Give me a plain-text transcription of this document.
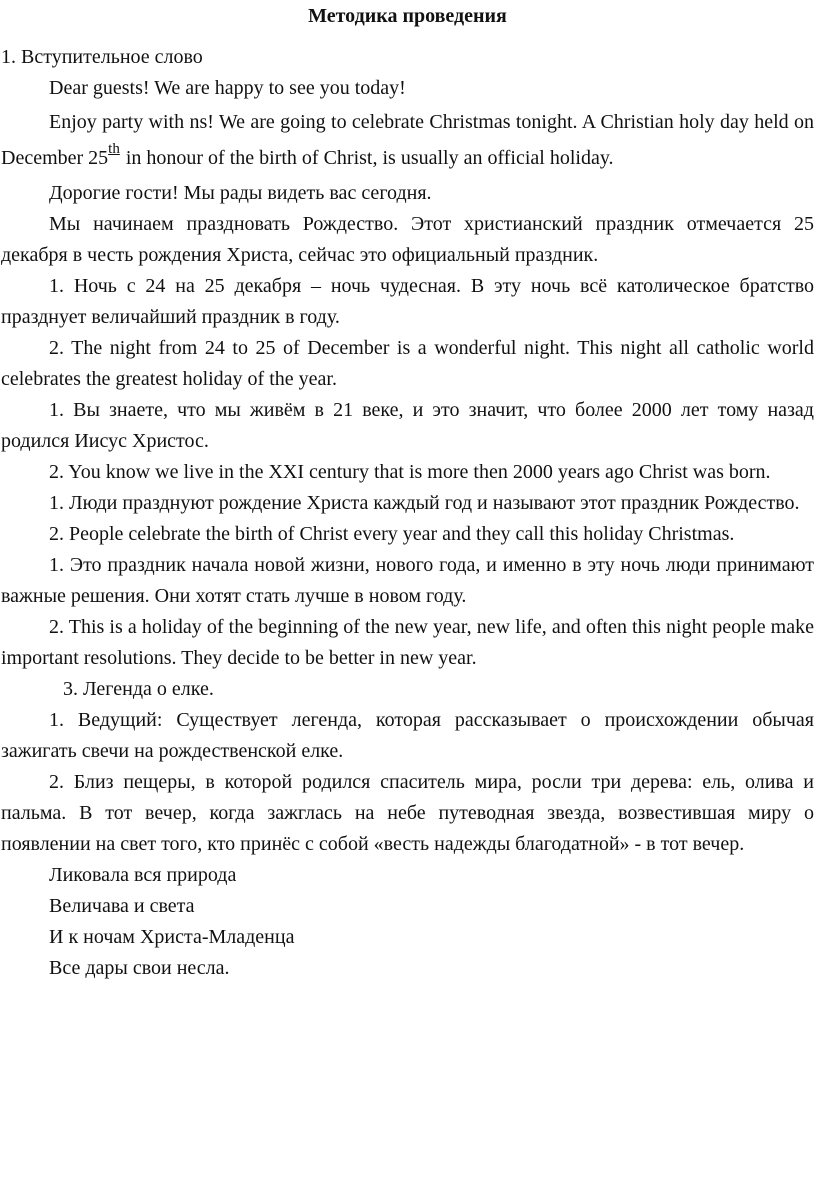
Методика проведения

1. Вступительное слово

Dear guests! We are happy to see you today!

Enjoy party with ns! We are going to celebrate Christmas tonight. A Christian holy day held on December 25th in honour of the birth of Christ, is usually an official holiday.

Дорогие гости! Мы рады видеть вас сегодня.

Мы начинаем праздновать Рождество. Этот христианский праздник отмечается 25 декабря в честь рождения Христа, сейчас это официальный праздник.

1. Ночь с 24 на 25 декабря – ночь чудесная. В эту ночь всё католическое братство празднует величайший праздник в году.

2. The night from 24 to 25 of December is a wonderful night. This night all catholic world celebrates the greatest holiday of the year.

1. Вы знаете, что мы живём в 21 веке, и это значит, что более 2000 лет тому назад родился Иисус Христос.

2. You know we live in the XXI century that is more then 2000 years ago Christ was born.

1. Люди празднуют рождение Христа каждый год и называют этот праздник Рождество.

2. People celebrate the birth of Christ every year and they call this holiday Christmas.

1. Это праздник начала новой жизни, нового года, и именно в эту ночь люди принимают важные решения. Они хотят стать лучше в новом году.

2. This is a holiday of the beginning of the new year, new life, and often this night people make important resolutions. They decide to be better in new year.

3. Легенда о елке.

1. Ведущий: Существует легенда, которая рассказывает о происхождении обычая зажигать свечи на рождественской елке.

2. Близ пещеры, в которой родился спаситель мира, росли три дерева: ель, олива и пальма. В тот вечер, когда зажглась на небе путеводная звезда, возвестившая миру о появлении на свет того, кто принёс с собой «весть надежды благодатной» - в тот вечер.

Ликовала вся природа

Величава и света

И к ночам Христа-Младенца

Все дары свои несла.
